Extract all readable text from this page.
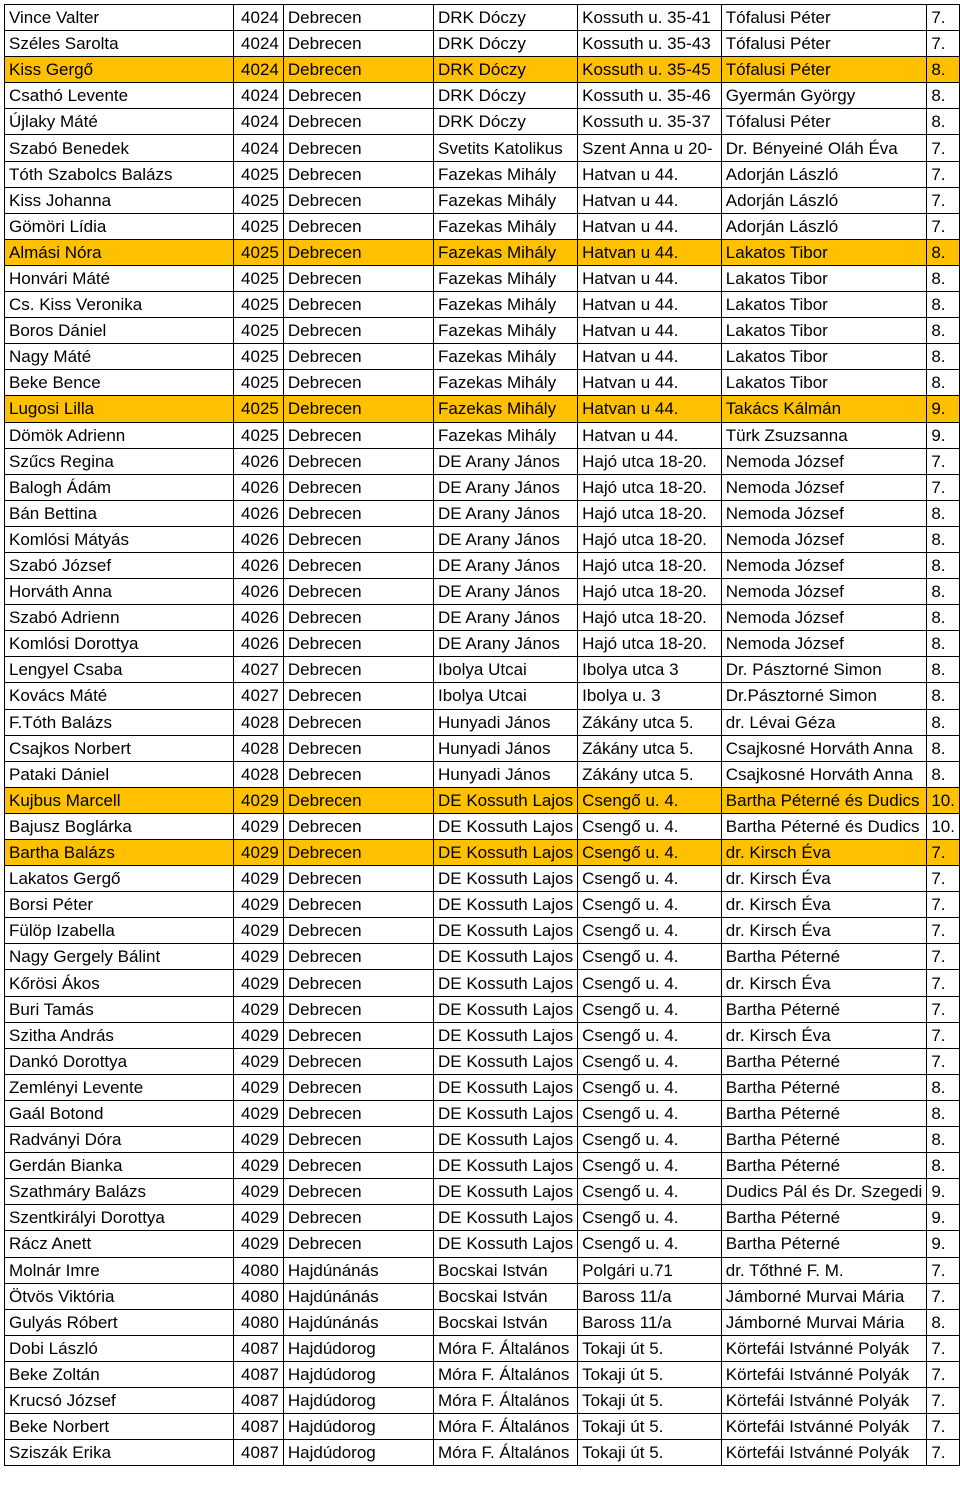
Vince Valter	4024	Debrecen	DRK Dóczy	Kossuth u. 35-41	Tófalusi Péter	7.
Széles Sarolta	4024	Debrecen	DRK Dóczy	Kossuth u. 35-43	Tófalusi Péter	7.
Kiss Gergő	4024	Debrecen	DRK Dóczy	Kossuth u. 35-45	Tófalusi Péter	8.
Csathó Levente	4024	Debrecen	DRK Dóczy	Kossuth u. 35-46	Gyermán György	8.
Újlaky Máté	4024	Debrecen	DRK Dóczy	Kossuth u. 35-37	Tófalusi Péter	8.
Szabó Benedek	4024	Debrecen	Svetits Katolikus	Szent Anna u 20-	Dr. Bényeiné Oláh Éva	7.
Tóth Szabolcs Balázs	4025	Debrecen	Fazekas Mihály	Hatvan u 44.	Adorján László	7.
Kiss Johanna	4025	Debrecen	Fazekas Mihály	Hatvan u 44.	Adorján László	7.
Gömöri Lídia	4025	Debrecen	Fazekas Mihály	Hatvan u 44.	Adorján László	7.
Almási Nóra	4025	Debrecen	Fazekas Mihály	Hatvan u 44.	Lakatos Tibor	8.
Honvári Máté	4025	Debrecen	Fazekas Mihály	Hatvan u 44.	Lakatos Tibor	8.
Cs. Kiss Veronika	4025	Debrecen	Fazekas Mihály	Hatvan u 44.	Lakatos Tibor	8.
Boros Dániel	4025	Debrecen	Fazekas Mihály	Hatvan u 44.	Lakatos Tibor	8.
Nagy Máté	4025	Debrecen	Fazekas Mihály	Hatvan u 44.	Lakatos Tibor	8.
Beke Bence	4025	Debrecen	Fazekas Mihály	Hatvan u 44.	Lakatos Tibor	8.
Lugosi Lilla	4025	Debrecen	Fazekas Mihály	Hatvan u 44.	Takács Kálmán	9.
Dömök Adrienn	4025	Debrecen	Fazekas Mihály	Hatvan u 44.	Türk Zsuzsanna	9.
Szűcs Regina	4026	Debrecen	DE Arany János	Hajó utca 18-20.	Nemoda József	7.
Balogh Ádám	4026	Debrecen	DE Arany János	Hajó utca 18-20.	Nemoda József	7.
Bán Bettina	4026	Debrecen	DE Arany János	Hajó utca 18-20.	Nemoda József	8.
Komlósi Mátyás	4026	Debrecen	DE Arany János	Hajó utca 18-20.	Nemoda József	8.
Szabó József	4026	Debrecen	DE Arany János	Hajó utca 18-20.	Nemoda József	8.
Horváth Anna	4026	Debrecen	DE Arany János	Hajó utca 18-20.	Nemoda József	8.
Szabó Adrienn	4026	Debrecen	DE Arany János	Hajó utca 18-20.	Nemoda József	8.
Komlósi Dorottya	4026	Debrecen	DE Arany János	Hajó utca 18-20.	Nemoda József	8.
Lengyel Csaba	4027	Debrecen	Ibolya Utcai	Ibolya utca 3	Dr. Pásztorné Simon	8.
Kovács Máté	4027	Debrecen	Ibolya Utcai	Ibolya u. 3	Dr.Pásztorné Simon	8.
F.Tóth Balázs	4028	Debrecen	Hunyadi János	Zákány utca 5.	dr. Lévai Géza	8.
Csajkos Norbert	4028	Debrecen	Hunyadi János	Zákány utca 5.	Csajkosné Horváth Anna	8.
Pataki Dániel	4028	Debrecen	Hunyadi János	Zákány utca 5.	Csajkosné Horváth Anna	8.
Kujbus Marcell	4029	Debrecen	DE Kossuth Lajos	Csengő u. 4.	Bartha Péterné és Dudics	10.
Bajusz Boglárka	4029	Debrecen	DE Kossuth Lajos	Csengő u. 4.	Bartha Péterné és Dudics	10.
Bartha Balázs	4029	Debrecen	DE Kossuth Lajos	Csengő u. 4.	dr. Kirsch Éva	7.
Lakatos Gergő	4029	Debrecen	DE Kossuth Lajos	Csengő u. 4.	dr. Kirsch Éva	7.
Borsi Péter	4029	Debrecen	DE Kossuth Lajos	Csengő u. 4.	dr. Kirsch Éva	7.
Fülöp Izabella	4029	Debrecen	DE Kossuth Lajos	Csengő u. 4.	dr. Kirsch Éva	7.
Nagy Gergely Bálint	4029	Debrecen	DE Kossuth Lajos	Csengő u. 4.	Bartha Péterné	7.
Kőrösi Ákos	4029	Debrecen	DE Kossuth Lajos	Csengő u. 4.	dr. Kirsch Éva	7.
Buri Tamás	4029	Debrecen	DE Kossuth Lajos	Csengő u. 4.	Bartha Péterné	7.
Szitha András	4029	Debrecen	DE Kossuth Lajos	Csengő u. 4.	dr. Kirsch Éva	7.
Dankó Dorottya	4029	Debrecen	DE Kossuth Lajos	Csengő u. 4.	Bartha Péterné	7.
Zemlényi Levente	4029	Debrecen	DE Kossuth Lajos	Csengő u. 4.	Bartha Péterné	8.
Gaál Botond	4029	Debrecen	DE Kossuth Lajos	Csengő u. 4.	Bartha Péterné	8.
Radványi Dóra	4029	Debrecen	DE Kossuth Lajos	Csengő u. 4.	Bartha Péterné	8.
Gerdán Bianka	4029	Debrecen	DE Kossuth Lajos	Csengő u. 4.	Bartha Péterné	8.
Szathmáry Balázs	4029	Debrecen	DE Kossuth Lajos	Csengő u. 4.	Dudics Pál és Dr. Szegedi	9.
Szentkirályi Dorottya	4029	Debrecen	DE Kossuth Lajos	Csengő u. 4.	Bartha Péterné	9.
Rácz Anett	4029	Debrecen	DE Kossuth Lajos	Csengő u. 4.	Bartha Péterné	9.
Molnár Imre	4080	Hajdúnánás	Bocskai István	Polgári u.71	dr. Tőthné F. M.	7.
Ötvös Viktória	4080	Hajdúnánás	Bocskai István	Baross 11/a	Jámborné Murvai Mária	7.
Gulyás Róbert	4080	Hajdúnánás	Bocskai István	Baross 11/a	Jámborné Murvai Mária	8.
Dobi László	4087	Hajdúdorog	Móra F. Általános	Tokaji út 5.	Körtefái Istvánné Polyák	7.
Beke Zoltán	4087	Hajdúdorog	Móra F. Általános	Tokaji út 5.	Körtefái Istvánné Polyák	7.
Krucsó József	4087	Hajdúdorog	Móra F. Általános	Tokaji út 5.	Körtefái Istvánné Polyák	7.
Beke Norbert	4087	Hajdúdorog	Móra F. Általános	Tokaji út 5.	Körtefái Istvánné Polyák	7.
Sziszák Erika	4087	Hajdúdorog	Móra F. Általános	Tokaji út 5.	Körtefái Istvánné Polyák	7.
